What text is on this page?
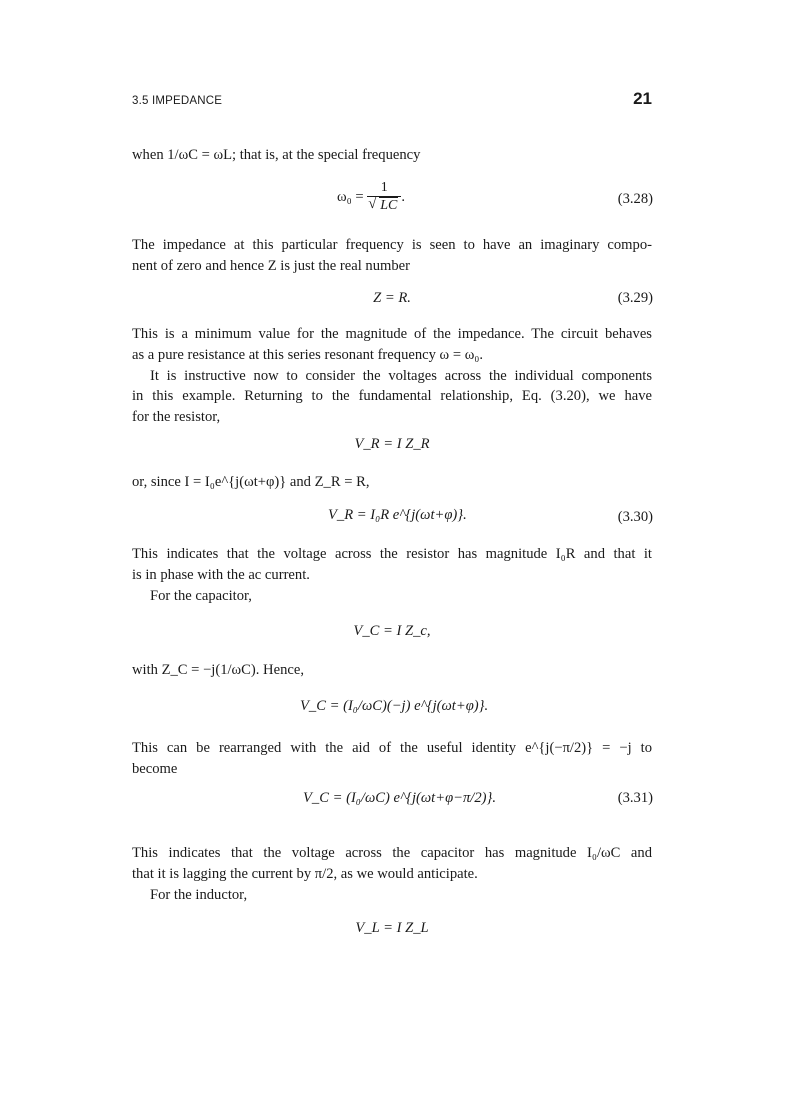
3.5 IMPEDANCE	21
when 1/ωC = ωL; that is, at the special frequency
ω₀ = 1
√ LC .	(3.28)
The impedance at this particular frequency is seen to have an imaginary compo-
nent of zero and hence Z is just the real number
Z = R.	(3.29)
This is a minimum value for the magnitude of the impedance. The circuit behaves
as a pure resistance at this series resonant frequency ω = ω₀.
It is instructive now to consider the voltages across the individual components
in this example. Returning to the fundamental relationship, Eq. (3.20), we have
for the resistor,
V_R = I Z_R
or, since I = I₀e^{j(ωt+φ)} and Z_R = R,
V_R = I₀R e^{j(ωt+φ)}.	(3.30)
This indicates that the voltage across the resistor has magnitude I₀R and that it
is in phase with the ac current.
For the capacitor,
V_C = I Z_c,
with Z_C = −j(1/ωC). Hence,
V_C = (I₀/ωC)(−j) e^{j(ωt+φ)}.
This can be rearranged with the aid of the useful identity e^{j(−π/2)} = −j to
become
V_C = (I₀/ωC) e^{j(ωt+φ−π/2)}.	(3.31)
This indicates that the voltage across the capacitor has magnitude I₀/ωC and
that it is lagging the current by π/2, as we would anticipate.
For the inductor,
V_L = I Z_L
